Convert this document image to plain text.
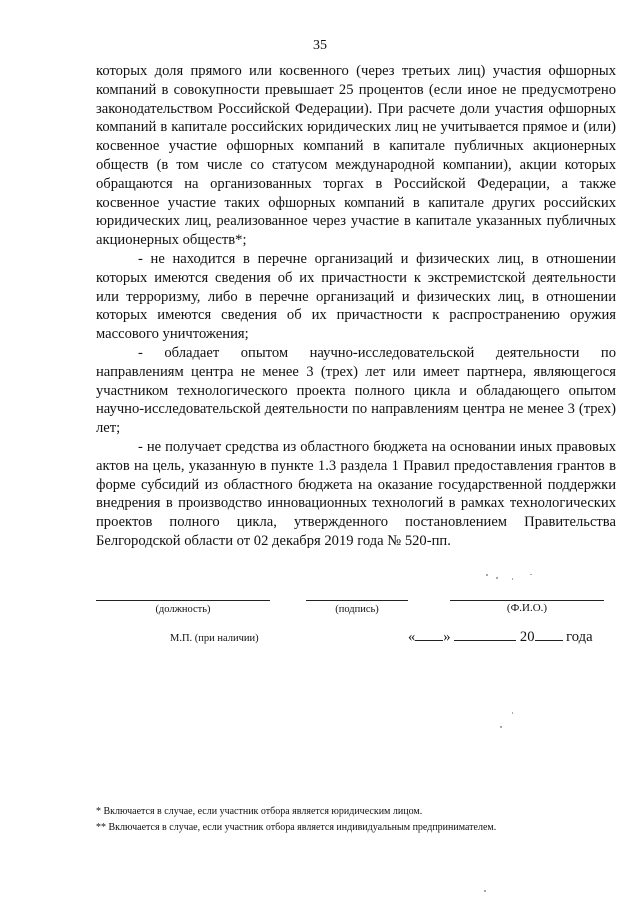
35

которых доля прямого или косвенного (через третьих лиц) участия офшорных компаний в совокупности превышает 25 процентов (если иное не предусмотрено законодательством Российской Федерации). При расчете доли участия офшорных компаний в капитале российских юридических лиц не учитывается прямое и (или) косвенное участие офшорных компаний в капитале публичных акционерных обществ (в том числе со статусом международной компании), акции которых обращаются на организованных торгах в Российской Федерации, а также косвенное участие таких офшорных компаний в капитале других российских юридических лиц, реализованное через участие в капитале указанных публичных акционерных обществ*;

- не находится в перечне организаций и физических лиц, в отношении которых имеются сведения об их причастности к экстремистской деятельности или терроризму, либо в перечне организаций и физических лиц, в отношении которых имеются сведения об их причастности к распространению оружия массового уничтожения;

- обладает опытом научно-исследовательской деятельности по направлениям центра не менее 3 (трех) лет или имеет партнера, являющегося участником технологического проекта полного цикла и обладающего опытом научно-исследовательской деятельности по направлениям центра не менее 3 (трех) лет;

- не получает средства из областного бюджета на основании иных правовых актов на цель, указанную в пункте 1.3 раздела 1 Правил предоставления грантов в форме субсидий из областного бюджета на оказание государственной поддержки внедрения в производство инновационных технологий в рамках технологических проектов полного цикла, утвержденного постановлением Правительства Белгородской области от 02 декабря 2019 года № 520-пп.

(должность)	(подпись)	(Ф.И.О.)
М.П. (при наличии)	« »	20 года
* Включается в случае, если участник отбора является юридическим лицом.
** Включается в случае, если участник отбора является индивидуальным предпринимателем.
